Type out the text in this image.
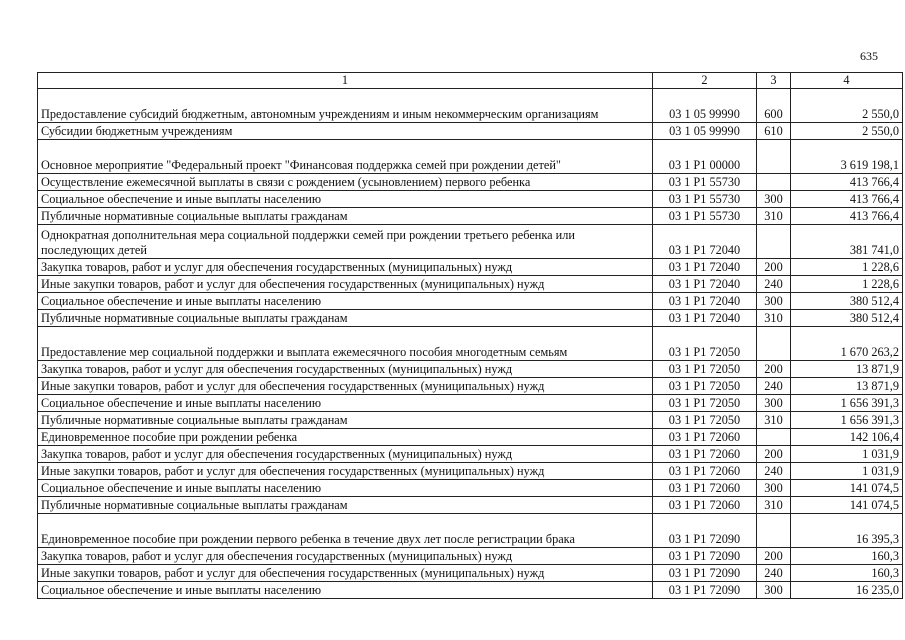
635
1	2	3	4
Предоставление субсидий бюджетным, автономным учреждениям и иным некоммерческим организациям	03 1 05 99990	600	2 550,0
Субсидии бюджетным учреждениям	03 1 05 99990	610	2 550,0
Основное мероприятие "Федеральный проект "Финансовая поддержка семей при рождении детей"	03 1 Р1 00000		3 619 198,1
Осуществление ежемесячной выплаты в связи с рождением (усыновлением) первого ребенка	03 1 Р1 55730		413 766,4
Социальное обеспечение и иные выплаты населению	03 1 Р1 55730	300	413 766,4
Публичные нормативные социальные выплаты гражданам	03 1 Р1 55730	310	413 766,4
Однократная дополнительная мера социальной поддержки семей при рождении третьего ребенка или последующих детей	03 1 Р1 72040		381 741,0
Закупка товаров, работ и услуг для обеспечения государственных (муниципальных) нужд	03 1 Р1 72040	200	1 228,6
Иные закупки товаров, работ и услуг для обеспечения государственных (муниципальных) нужд	03 1 Р1 72040	240	1 228,6
Социальное обеспечение и иные выплаты населению	03 1 Р1 72040	300	380 512,4
Публичные нормативные социальные выплаты гражданам	03 1 Р1 72040	310	380 512,4
Предоставление мер социальной поддержки и выплата ежемесячного пособия многодетным семьям	03 1 Р1 72050		1 670 263,2
Закупка товаров, работ и услуг для обеспечения государственных (муниципальных) нужд	03 1 Р1 72050	200	13 871,9
Иные закупки товаров, работ и услуг для обеспечения государственных (муниципальных) нужд	03 1 Р1 72050	240	13 871,9
Социальное обеспечение и иные выплаты населению	03 1 Р1 72050	300	1 656 391,3
Публичные нормативные социальные выплаты гражданам	03 1 Р1 72050	310	1 656 391,3
Единовременное пособие при рождении ребенка	03 1 Р1 72060		142 106,4
Закупка товаров, работ и услуг для обеспечения государственных (муниципальных) нужд	03 1 Р1 72060	200	1 031,9
Иные закупки товаров, работ и услуг для обеспечения государственных (муниципальных) нужд	03 1 Р1 72060	240	1 031,9
Социальное обеспечение и иные выплаты населению	03 1 Р1 72060	300	141 074,5
Публичные нормативные социальные выплаты гражданам	03 1 Р1 72060	310	141 074,5
Единовременное пособие при рождении первого ребенка в течение двух лет после регистрации брака	03 1 Р1 72090		16 395,3
Закупка товаров, работ и услуг для обеспечения государственных (муниципальных) нужд	03 1 Р1 72090	200	160,3
Иные закупки товаров, работ и услуг для обеспечения государственных (муниципальных) нужд	03 1 Р1 72090	240	160,3
Социальное обеспечение и иные выплаты населению	03 1 Р1 72090	300	16 235,0
